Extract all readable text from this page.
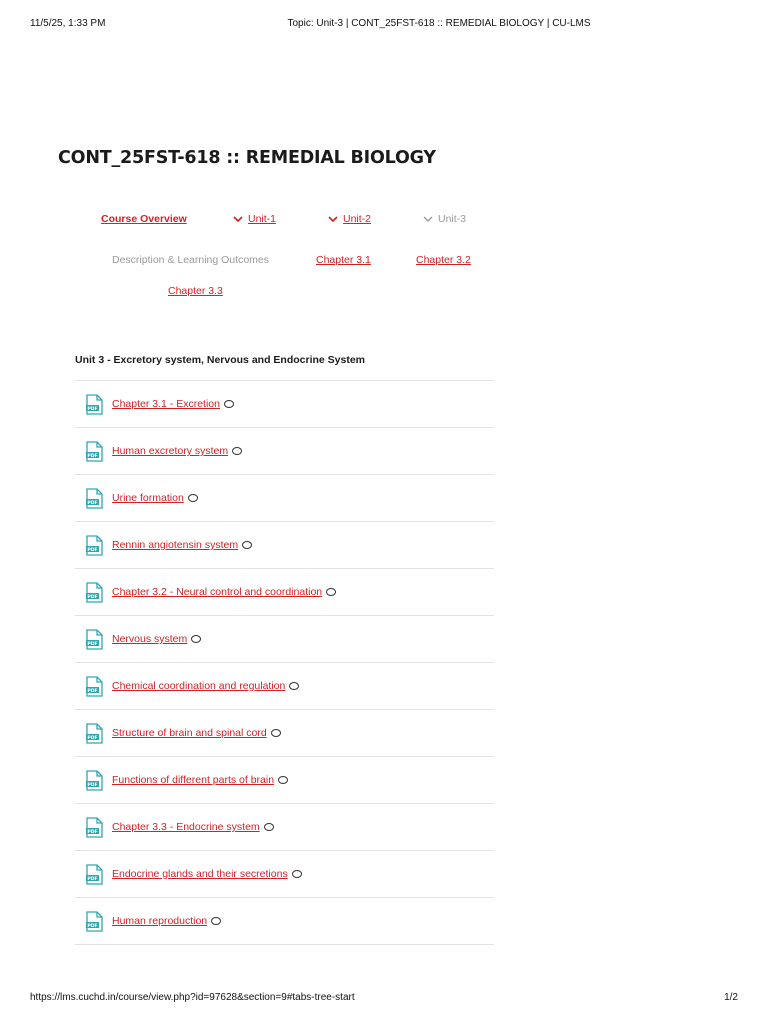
11/5/25, 1:33 PM	Topic: Unit-3 | CONT_25FST-618 :: REMEDIAL BIOLOGY | CU-LMS
CONT_25FST-618 :: REMEDIAL BIOLOGY
Course Overview	Unit-1	Unit-2	Unit-3
Description & Learning Outcomes	Chapter 3.1	Chapter 3.2
Chapter 3.3
Unit 3 - Excretory system, Nervous and Endocrine System
PDF Chapter 3.1 - Excretion
PDF Human excretory system
PDF Urine formation
PDF Rennin angiotensin system
PDF Chapter 3.2 - Neural control and coordination
PDF Nervous system
PDF Chemical coordination and regulation
PDF Structure of brain and spinal cord
PDF Functions of different parts of brain
PDF Chapter 3.3 - Endocrine system
PDF Endocrine glands and their secretions
PDF Human reproduction
https://lms.cuchd.in/course/view.php?id=97628&section=9#tabs-tree-start	1/2
